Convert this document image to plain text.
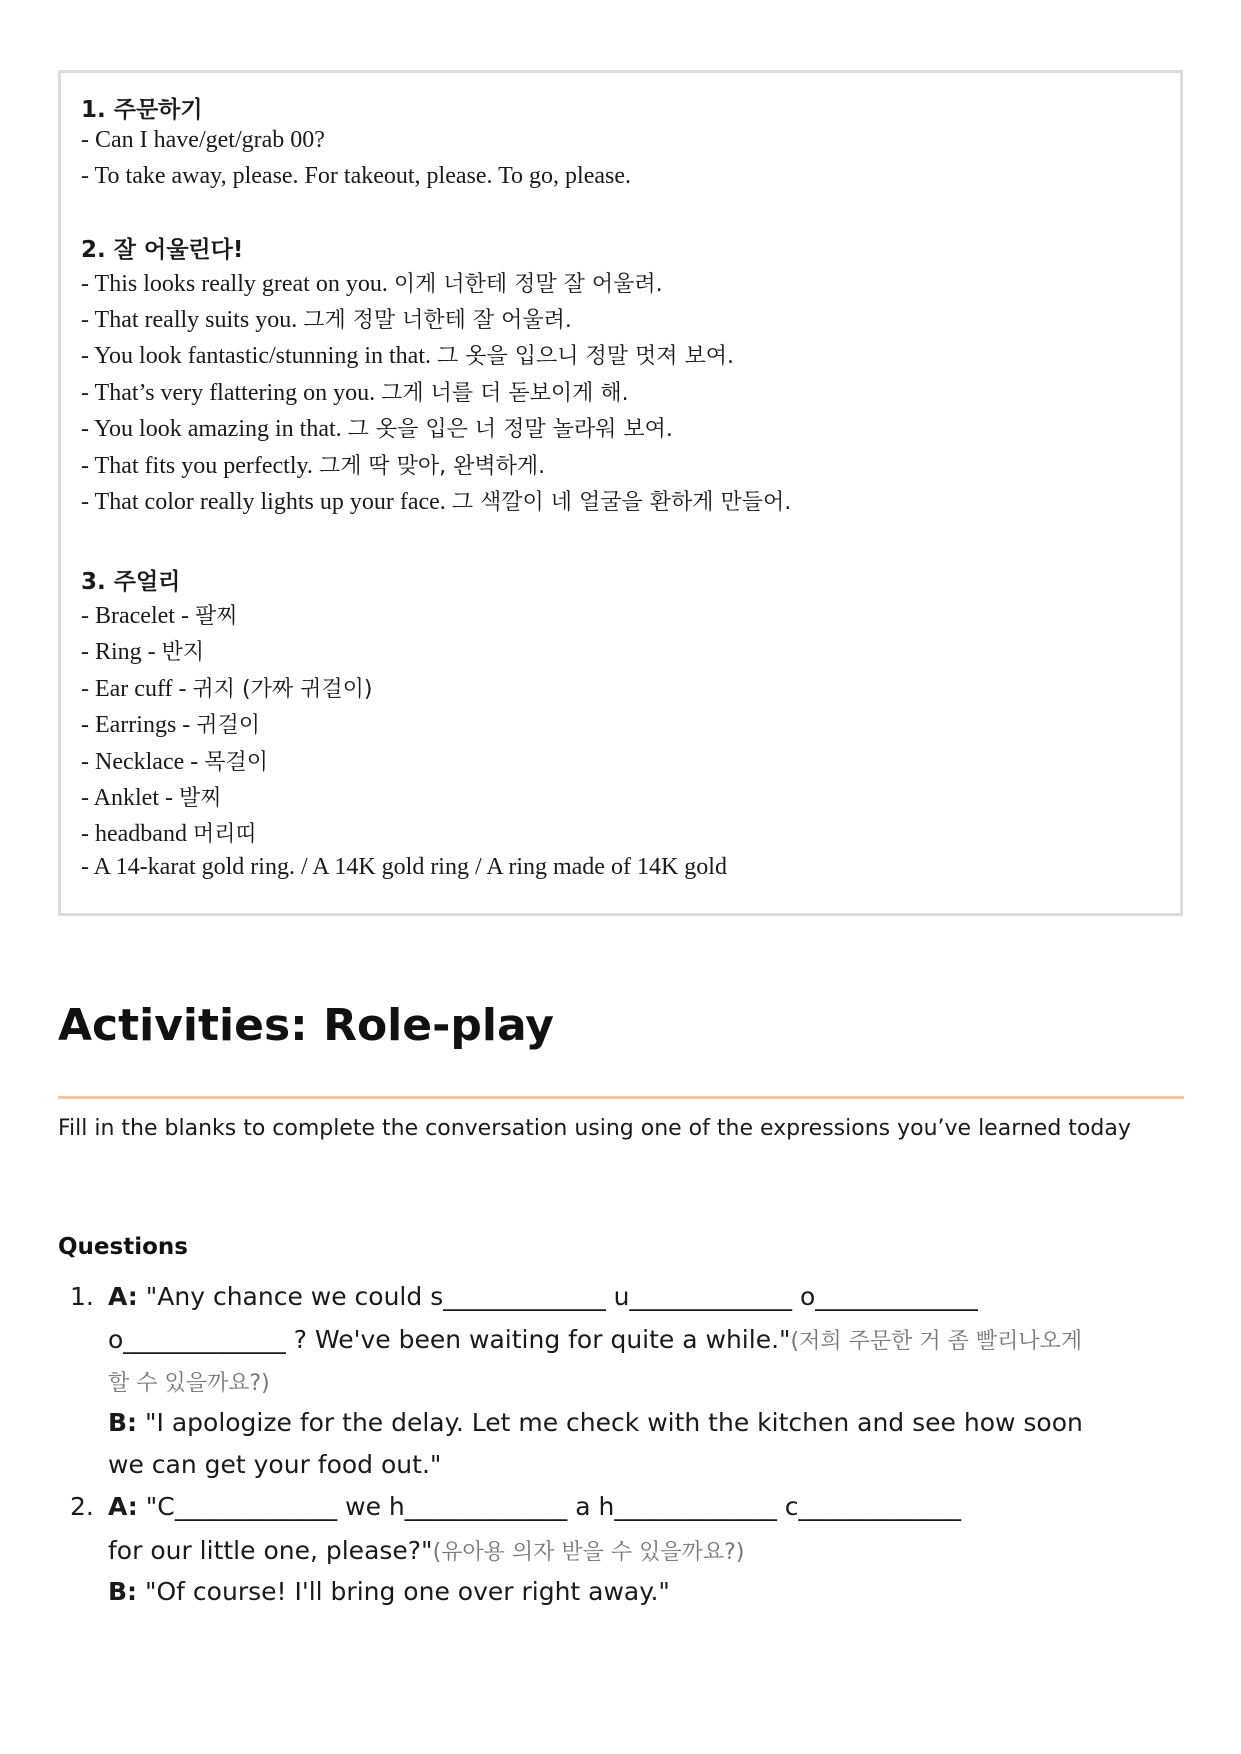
1. 주문하기
- Can I have/get/grab 00?
- To take away, please. For takeout, please. To go, please.
2. 잘 어울린다!
- This looks really great on you. 이게 너한테 정말 잘 어울려.
- That really suits you. 그게 정말 너한테 잘 어울려.
- You look fantastic/stunning in that. 그 옷을 입으니 정말 멋져 보여.
- That’s very flattering on you. 그게 너를 더 돋보이게 해.
- You look amazing in that. 그 옷을 입은 너 정말 놀라워 보여.
- That fits you perfectly. 그게 딱 맞아, 완벽하게.
- That color really lights up your face. 그 색깔이 네 얼굴을 환하게 만들어.
3. 주얼리
- Bracelet - 팔찌
- Ring - 반지
- Ear cuff - 귀지 (가짜 귀걸이)
- Earrings - 귀걸이
- Necklace - 목걸이
- Anklet - 발찌
- headband 머리띠
- A 14-karat gold ring. / A 14K gold ring / A ring made of 14K gold
Activities: Role-play
Fill in the blanks to complete the conversation using one of the expressions you’ve learned today
Questions
1. A: "Any chance we could s_____________ u_____________ o_____________
o_____________ ? We've been waiting for quite a while."(저희 주문한 거 좀 빨리나오게
할 수 있을까요?)
B: "I apologize for the delay. Let me check with the kitchen and see how soon
we can get your food out."
2. A: "C_____________ we h_____________ a h_____________ c_____________
for our little one, please?"(유아용 의자 받을 수 있을까요?)
B: "Of course! I'll bring one over right away."
